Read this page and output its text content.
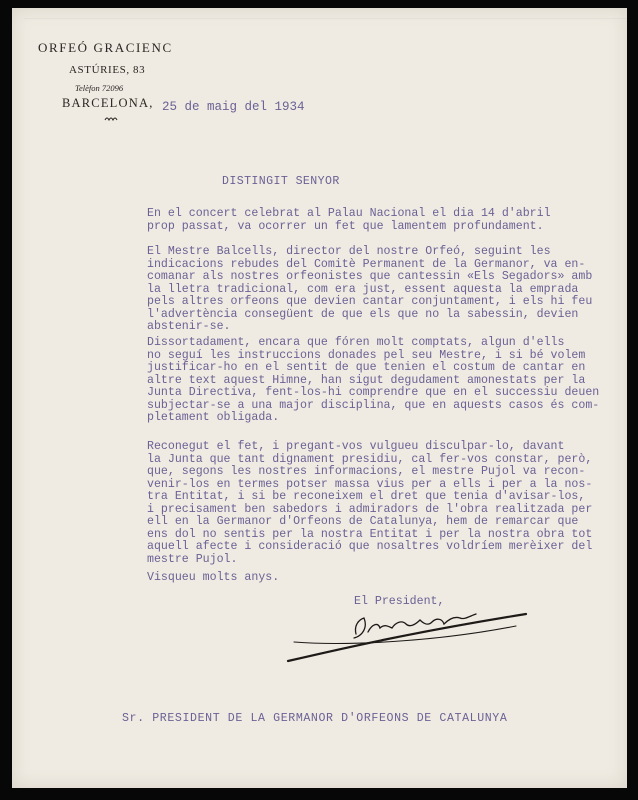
ORFEÓ GRACIENC
ASTÚRIES, 83
Telèfon 72096
BARCELONA, 25 de maig del 1934
DISTINGIT SENYOR
En el concert celebrat al Palau Nacional el dia 14 d'abril
prop passat, va ocorrer un fet que lamentem profundament.
El Mestre Balcells, director del nostre Orfeó, seguint les
indicacions rebudes del Comitè Permanent de la Germanor, va en-
comanar als nostres orfeonistes que cantessin «Els Segadors» amb
la lletra tradicional, com era just, essent aquesta la emprada
pels altres orfeons que devien cantar conjuntament, i els hi feu
l'advertència consegüent de que els que no la sabessin, devien
abstenir-se.
Dissortadament, encara que fóren molt comptats, algun d'ells
no seguí les instruccions donades pel seu Mestre, i si bé volem
justificar-ho en el sentit de que tenien el costum de cantar en
altre text aquest Himne, han sigut degudament amonestats per la
Junta Directiva, fent-los-hi comprendre que en el successiu deuen
subjectar-se a una major disciplina, que en aquests casos és com-
pletament obligada.
Reconegut el fet, i pregant-vos vulgueu disculpar-lo, davant
la Junta que tant dignament presidiu, cal fer-vos constar, però,
que, segons les nostres informacions, el mestre Pujol va recon-
venir-los en termes potser massa vius per a ells i per a la nos-
tra Entitat, i si be reconeixem el dret que tenia d'avisar-los,
i precisament ben sabedors i admiradors de l'obra realitzada per
ell en la Germanor d'Orfeons de Catalunya, hem de remarcar que
ens dol no sentis per la nostra Entitat i per la nostra obra tot
aquell afecte i consideració que nosaltres voldríem merèixer del
mestre Pujol.
Visqueu molts anys.
El President,
Sr. PRESIDENT DE LA GERMANOR D'ORFEONS DE CATALUNYA
